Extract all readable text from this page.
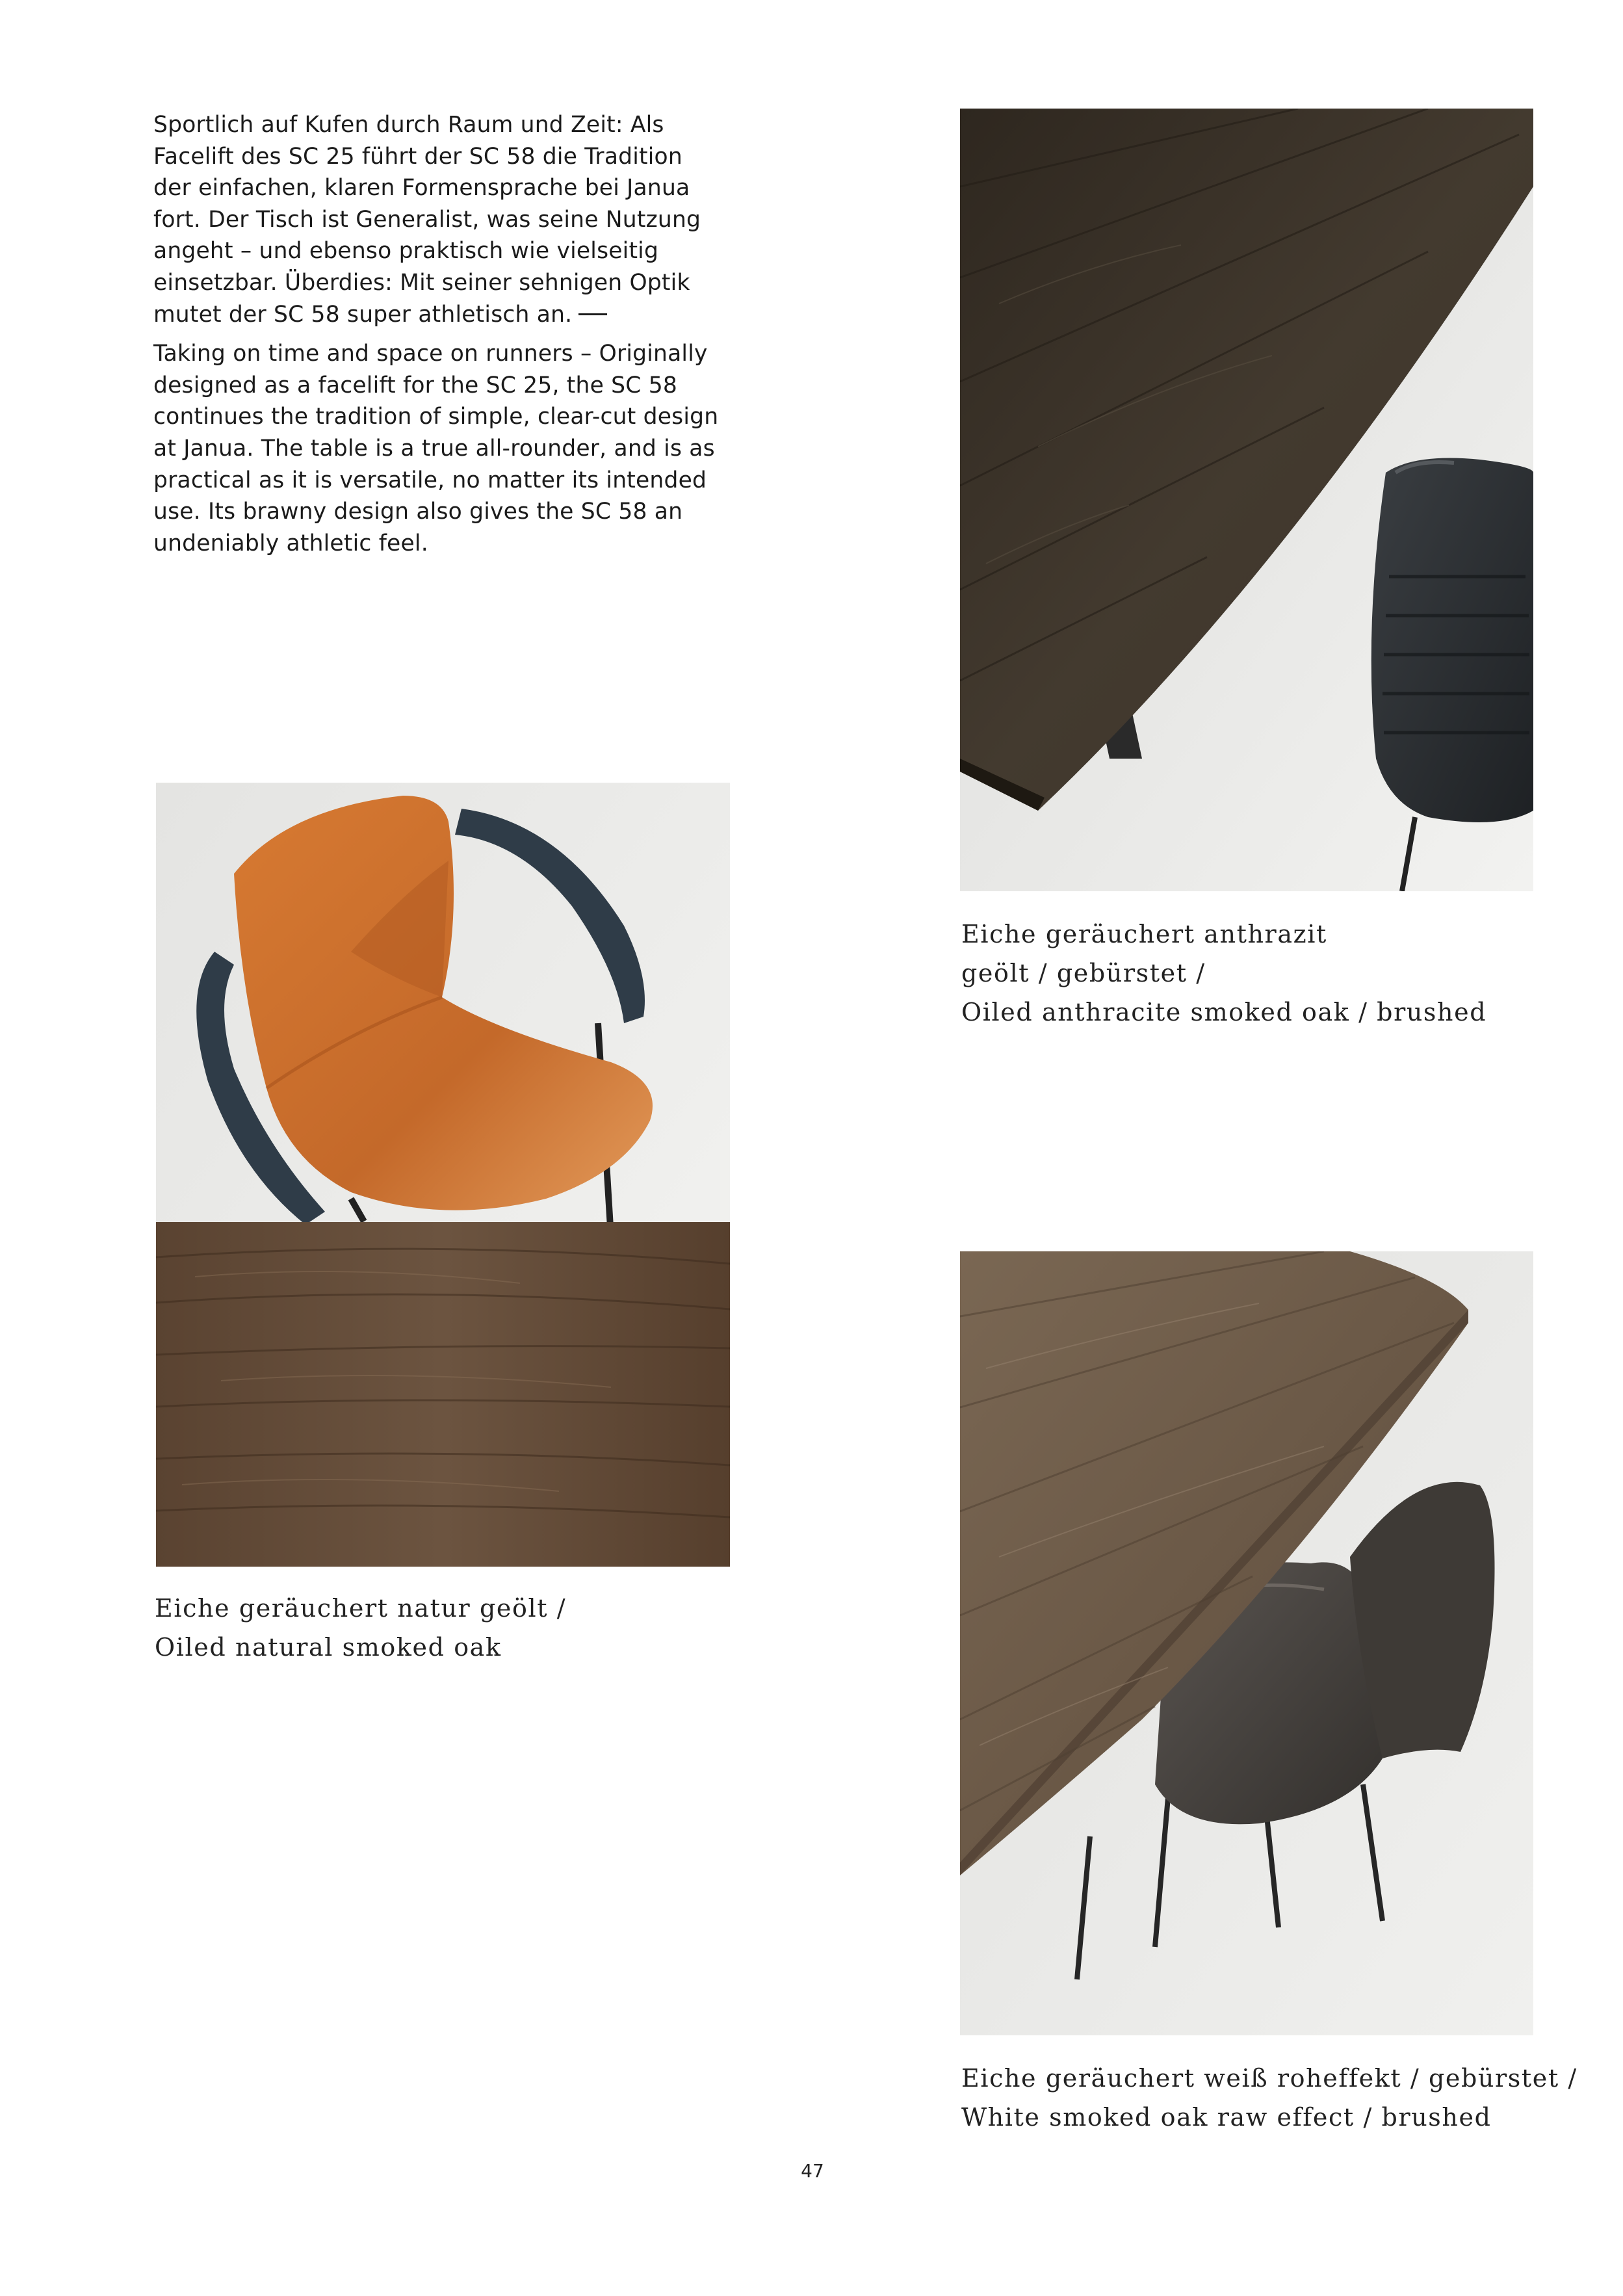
Sportlich auf Kufen durch Raum und Zeit: Als Facelift des SC 25 führt der SC 58 die Tradition der einfachen, klaren Formensprache bei Janua fort. Der Tisch ist Generalist, was seine Nutzung angeht – und ebenso praktisch wie vielseitig einsetzbar. Überdies: Mit seiner sehnigen Optik mutet der SC 58 super athletisch an.

Taking on time and space on runners – Originally designed as a facelift for the SC 25, the SC 58 continues the tradition of simple, clear-cut design at Janua. The table is a true all-rounder, and is as practical as it is versatile, no matter its intended use. Its brawny design also gives the SC 58 an undeniably athletic feel.

Eiche geräuchert anthrazit
geölt / gebürstet /
Oiled anthracite smoked oak / brushed
Eiche geräuchert natur geölt /
Oiled natural smoked oak
Eiche geräuchert weiß roheffekt / gebürstet /
White smoked oak raw effect / brushed
47
